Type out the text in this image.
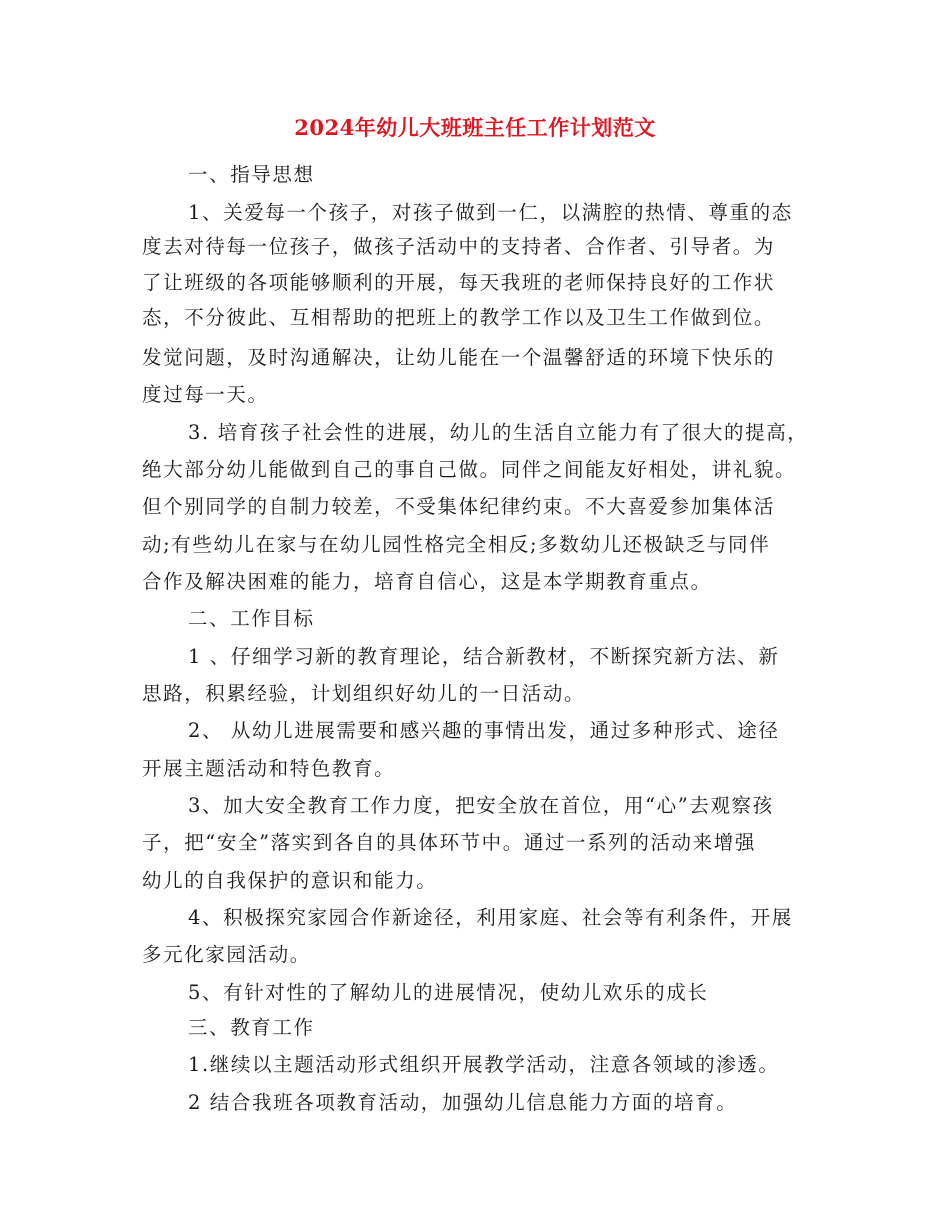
2024年幼儿大班班主任工作计划范文
一、指导思想
1、关爱每一个孩子，对孩子做到一仁，以满腔的热情、尊重的态
度去对待每一位孩子，做孩子活动中的支持者、合作者、引导者。为
了让班级的各项能够顺利的开展，每天我班的老师保持良好的工作状
态，不分彼此、互相帮助的把班上的教学工作以及卫生工作做到位。
发觉问题，及时沟通解决，让幼儿能在一个温馨舒适的环境下快乐的
度过每一天。
3. 培育孩子社会性的进展，幼儿的生活自立能力有了很大的提高，
绝大部分幼儿能做到自己的事自己做。同伴之间能友好相处，讲礼貌。
但个别同学的自制力较差，不受集体纪律约束。不大喜爱参加集体活
动;有些幼儿在家与在幼儿园性格完全相反;多数幼儿还极缺乏与同伴
合作及解决困难的能力，培育自信心，这是本学期教育重点。
二、工作目标
1 、仔细学习新的教育理论，结合新教材，不断探究新方法、新
思路，积累经验，计划组织好幼儿的一日活动。
2、 从幼儿进展需要和感兴趣的事情出发，通过多种形式、途径
开展主题活动和特色教育。
3、加大安全教育工作力度，把安全放在首位，用“心”去观察孩
子，把“安全”落实到各自的具体环节中。通过一系列的活动来增强
幼儿的自我保护的意识和能力。
4、积极探究家园合作新途径，利用家庭、社会等有利条件，开展
多元化家园活动。
5、有针对性的了解幼儿的进展情况，使幼儿欢乐的成长
三、教育工作
1.继续以主题活动形式组织开展教学活动，注意各领域的渗透。
2 结合我班各项教育活动，加强幼儿信息能力方面的培育。
